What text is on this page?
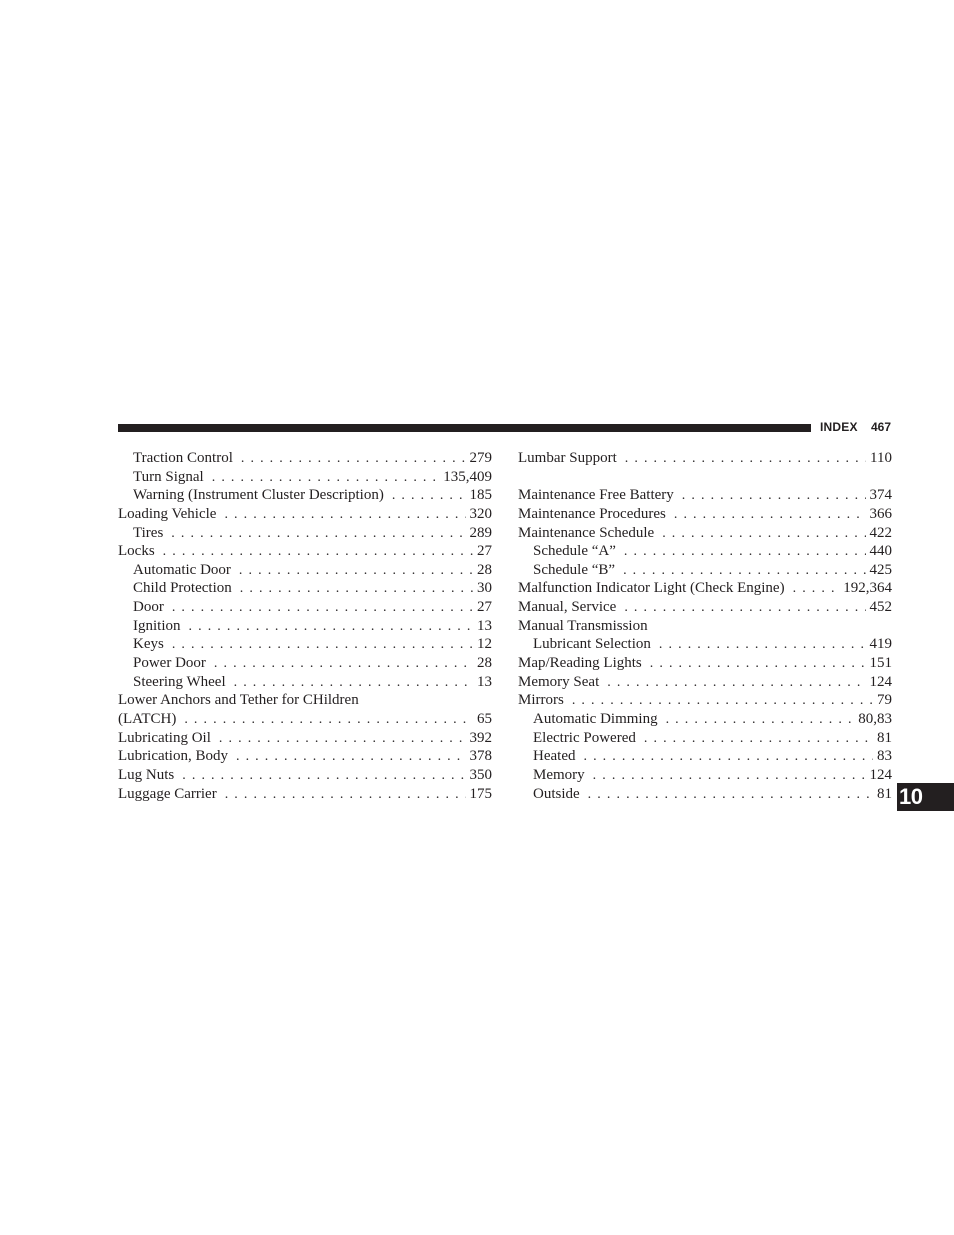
INDEX 467
Traction Control . . .	279
Turn Signal . . .	135,409
Warning (Instrument Cluster Description) . . .	185
Loading Vehicle . . .	320
Tires . . .	289
Locks . . .	27
Automatic Door . . .	28
Child Protection . . .	30
Door . . .	27
Ignition . . .	13
Keys . . .	12
Power Door . . .	28
Steering Wheel . . .	13
Lower Anchors and Tether for CHildren
(LATCH) . . .	65
Lubricating Oil . . .	392
Lubrication, Body . . .	378
Lug Nuts . . .	350
Luggage Carrier . . .	175
Lumbar Support . . .	110
Maintenance Free Battery . . .	374
Maintenance Procedures . . .	366
Maintenance Schedule . . .	422
Schedule “A” . . .	440
Schedule “B” . . .	425
Malfunction Indicator Light (Check Engine) . . .	192,364
Manual, Service . . .	452
Manual Transmission
Lubricant Selection . . .	419
Map/Reading Lights . . .	151
Memory Seat . . .	124
Mirrors . . .	79
Automatic Dimming . . .	80,83
Electric Powered . . .	81
Heated . . .	83
Memory . . .	124
Outside . . .	81 10
